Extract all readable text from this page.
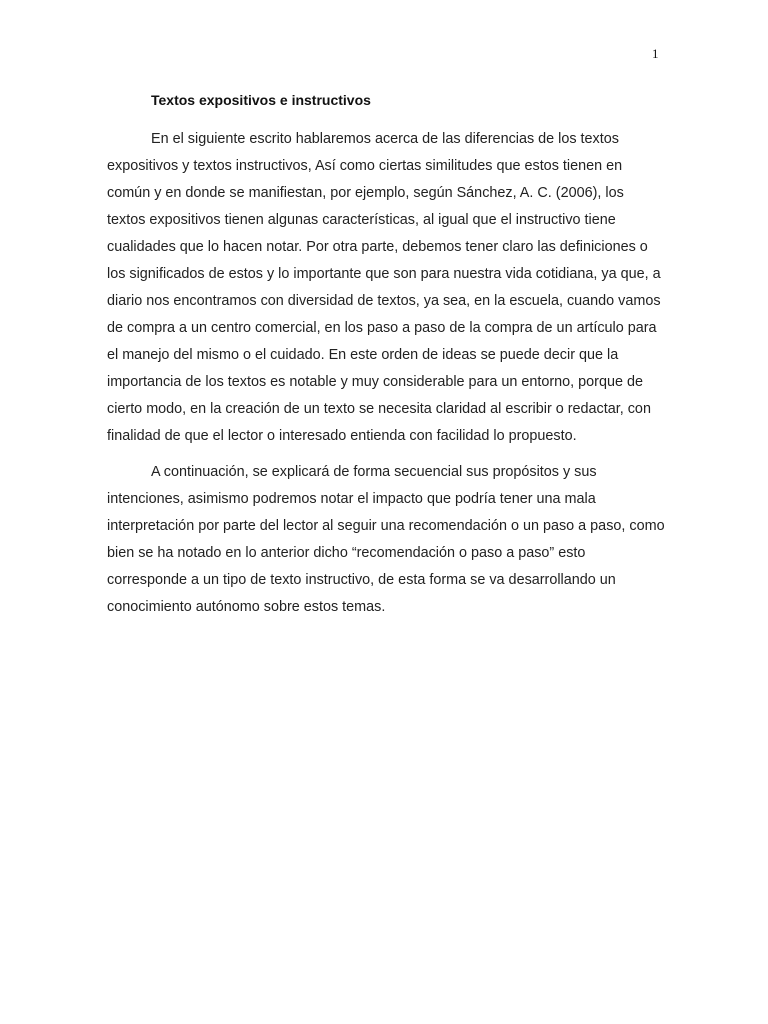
1
Textos expositivos e instructivos

En el siguiente escrito hablaremos acerca de las diferencias de los textos expositivos y textos instructivos, Así como ciertas similitudes que estos tienen en común y en donde se manifiestan, por ejemplo, según Sánchez, A. C. (2006), los textos expositivos tienen algunas características, al igual que el instructivo tiene cualidades que lo hacen notar. Por otra parte, debemos tener claro las definiciones o los significados de estos y lo importante que son para nuestra vida cotidiana, ya que, a diario nos encontramos con diversidad de textos, ya sea, en la escuela, cuando vamos de compra a un centro comercial, en los paso a paso de la compra de un artículo para el manejo del mismo o el cuidado. En este orden de ideas se puede decir que la importancia de los textos es notable y muy considerable para un entorno, porque de cierto modo, en la creación de un texto se necesita claridad al escribir o redactar, con finalidad de que el lector o interesado entienda con facilidad lo propuesto.

A continuación, se explicará de forma secuencial sus propósitos y sus intenciones, asimismo podremos notar el impacto que podría tener una mala interpretación por parte del lector al seguir una recomendación o un paso a paso, como bien se ha notado en lo anterior dicho “recomendación o paso a paso” esto corresponde a un tipo de texto instructivo, de esta forma se va desarrollando un conocimiento autónomo sobre estos temas.
